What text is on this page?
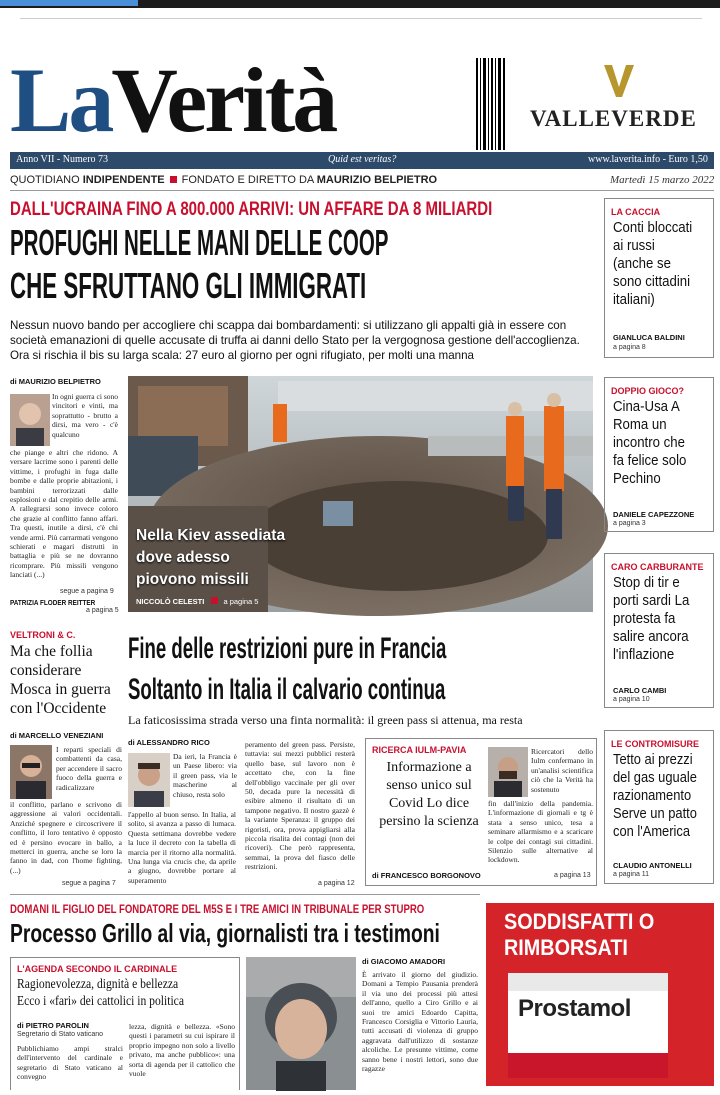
LaVerità	VALLEVERDE
Anno VII - Numero 73	Quid est veritas?	www.laverita.info - Euro 1,50
QUOTIDIANO INDIPENDENTE FONDATO E DIRETTO DA MAURIZIO BELPIETRO	Martedì 15 marzo 2022
DALL'UCRAINA FINO A 800.000 ARRIVI: UN AFFARE DA 8 MILIARDI
PROFUGHI NELLE MANI DELLE COOP
CHE SFRUTTANO GLI IMMIGRATI
Nessun nuovo bando per accogliere chi scappa dai bombardamenti: si utilizzano gli appalti già in essere con società emanazioni di quelle accusate di truffa ai danni dello Stato per la vergognosa gestione dell'accoglienza. Ora si rischia il bis su larga scala: 27 euro al giorno per ogni rifugiato, per molti una manna
di MAURIZIO BELPIETRO
In ogni guerra ci sono vincitori e vinti, ma soprattutto - brutto a dirsi, ma vero - c'è qualcuno
che piange e altri che ridono. A versare lacrime sono i parenti delle vittime, i profughi in fuga dalle bombe e dalle proprie abitazioni, i bambini terrorizzati dalle esplosioni e dal crepitio delle armi. A rallegrarsi sono invece coloro che grazie al conflitto fanno affari. Tra questi, inutile a dirsi, c'è chi vende armi. Più carrarmati vengono schierati e magari distrutti in battaglia e più se ne dovranno ricomprare. Più missili vengono lanciati (...)
segue a pagina 9
PATRIZIA FLODER REITTER
a pagina 5
Nella Kiev assediata
dove adesso
piovono missili
NICCOLÒ CELESTI	a pagina 5
LA CACCIA
Conti bloccati ai russi (anche se sono cittadini italiani)
GIANLUCA BALDINI
a pagina 8
DOPPIO GIOCO?
Cina-Usa A Roma un incontro che fa felice solo Pechino
DANIELE CAPEZZONE
a pagina 3
CARO CARBURANTE
Stop di tir e porti sardi La protesta fa salire ancora l'inflazione
CARLO CAMBI
a pagina 10
LE CONTROMISURE
Tetto ai prezzi del gas uguale razionamento Serve un patto con l'America
CLAUDIO ANTONELLI
a pagina 11
VELTRONI & C.
Ma che follia considerare Mosca in guerra con l'Occidente
di MARCELLO VENEZIANI
I reparti speciali di combattenti da casa, per accendere il sacro fuoco della guerra e radicalizzare
il conflitto, parlano e scrivono di aggressione ai valori occidentali. Anziché spegnere e circoscrivere il conflitto, il loro tentativo è opposto ed è persino evocare in ballo, a metterci in guerra, anche se loro la fanno in dad, con l'home fighting, (...)
segue a pagina 7
Fine delle restrizioni pure in Francia
Soltanto in Italia il calvario continua
La faticosissima strada verso una finta normalità: il green pass si attenua, ma resta
di ALESSANDRO RICO
Da ieri, la Francia è un Paese libero: via il green pass, via le mascherine al chiuso, resta solo
l'appello al buon senso. In Italia, al solito, si avanza a passo di lumaca. Questa settimana dovrebbe vedere la luce il decreto con la tabella di marcia per il ritorno alla normalità. Una lunga via crucis che, da aprile a giugno, dovrebbe portare al superamento
peramento del green pass. Persiste, tuttavia: sui mezzi pubblici resterà quello base, sul lavoro non è accettato che, con la fine dell'obbligo vaccinale per gli over 50, decada pure la necessità di esibire almeno il risultato di un tampone negativo. Il nostro gazzè è la variante Speranza: il gruppo dei rigoristi, ora, prova appigliarsi alla piccola risalita dei contagi (non dei ricoveri). Che però rappresenta, semmai, la prova del fiasco delle restrizioni.
a pagina 12
RICERCA IULM-PAVIA
Informazione a senso unico sul Covid Lo dice persino la scienza
di FRANCESCO BORGONOVO
Ricercatori dello Iulm confermano in un'analisi scientifica ciò che la Verità ha sostenuto
fin dall'inizio della pandemia. L'informazione di giornali e tg è stata a senso unico, tesa a seminare allarmismo e a scaricare le colpe dei contagi sui cittadini. Silenzio sulle alternative al lockdown.
a pagina 13
DOMANI IL FIGLIO DEL FONDATORE DEL M5S E I TRE AMICI IN TRIBUNALE PER STUPRO
Processo Grillo al via, giornalisti tra i testimoni
L'AGENDA SECONDO IL CARDINALE
Ragionevolezza, dignità e bellezza
Ecco i «fari» dei cattolici in politica
di PIETRO PAROLIN
Segretario di Stato vaticano
Pubblichiamo ampi stralci dell'intervento del cardinale e segretario di Stato vaticano al convegno
lezza, dignità e bellezza. «Sono questi i parametri su cui ispirare il proprio impegno non solo a livello privato, ma anche pubblico»: una sorta di agenda per il cattolico che vuole
di GIACOMO AMADORI
È arrivato il giorno del giudizio. Domani a Tempio Pausania prenderà il via uno dei processi più attesi dell'anno, quello a Ciro Grillo e ai suoi tre amici Edoardo Capitta, Francesco Corsiglia e Vittorio Lauria, tutti accusati di violenza di gruppo aggravata dall'utilizzo di sostanze alcoliche. Le presunte vittime, come sanno bene i nostri lettori, sono due ragazze
SODDISFATTI O
RIMBORSATI
Prostamol
